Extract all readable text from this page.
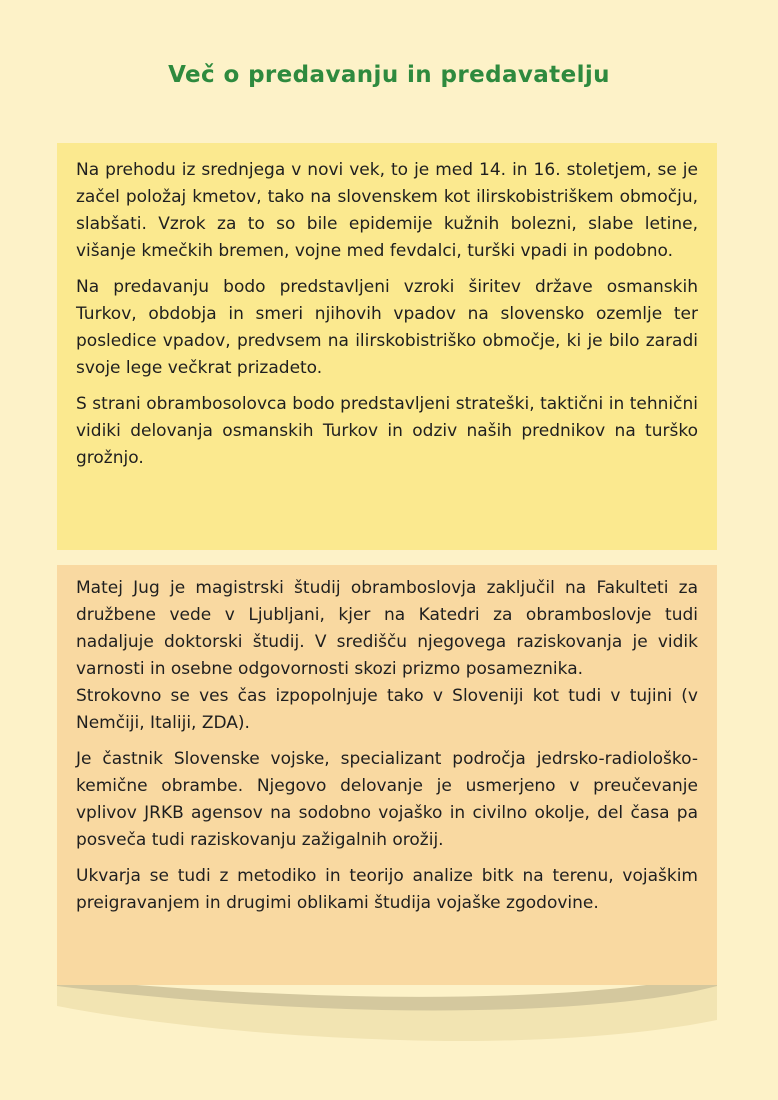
Več o predavanju in predavatelju

Na prehodu iz srednjega v novi vek, to je med 14. in 16. stoletjem, se je začel položaj kmetov, tako na slovenskem kot ilirskobistriškem območju, slabšati. Vzrok za to so bile epidemije kužnih bolezni, slabe letine, višanje kmečkih bremen, vojne med fevdalci, turški vpadi in podobno.

Na predavanju bodo predstavljeni vzroki širitev države osmanskih Turkov, obdobja in smeri njihovih vpadov na slovensko ozemlje ter posledice vpadov, predvsem na ilirskobistriško območje, ki je bilo zaradi svoje lege večkrat prizadeto.

S strani obrambosolovca bodo predstavljeni strateški, taktični in tehnični vidiki delovanja osmanskih Turkov in odziv naših prednikov na turško grožnjo.

Matej Jug je magistrski študij obramboslovja zaključil na Fakulteti za družbene vede v Ljubljani, kjer na Katedri za obramboslovje tudi nadaljuje doktorski študij. V središču njegovega raziskovanja je vidik varnosti in osebne odgovornosti skozi prizmo posameznika.

Strokovno se ves čas izpopolnjuje tako v Sloveniji kot tudi v tujini (v Nemčiji, Italiji, ZDA).

Je častnik Slovenske vojske, specializant področja jedrsko-radiološko-kemične obrambe. Njegovo delovanje je usmerjeno v preučevanje vplivov JRKB agensov na sodobno vojaško in civilno okolje, del časa pa posveča tudi raziskovanju zažigalnih orožij.

Ukvarja se tudi z metodiko in teorijo analize bitk na terenu, vojaškim preigravanjem in drugimi oblikami študija vojaške zgodovine.
